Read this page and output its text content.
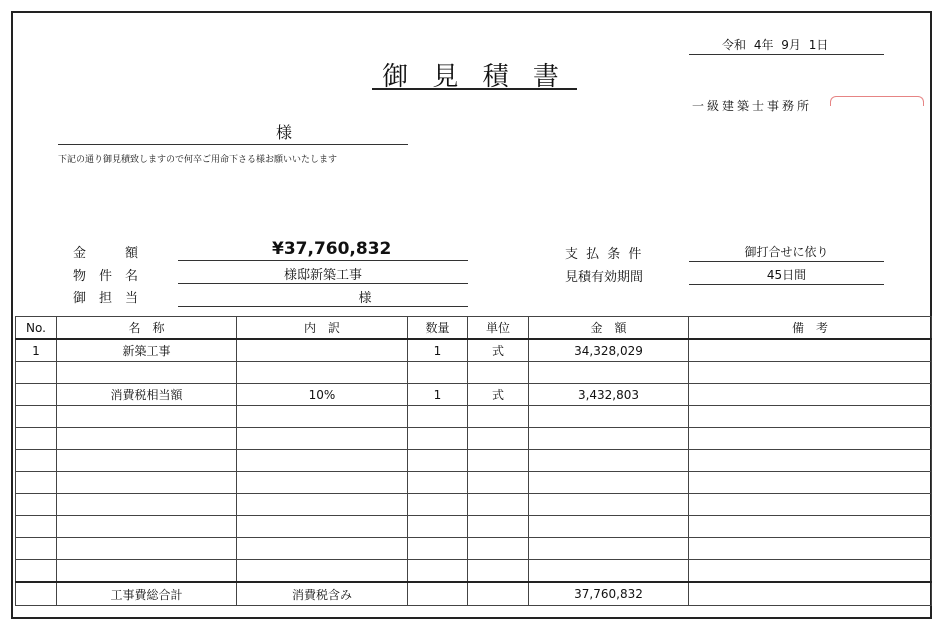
御 見 積 書
令和 4年 9月 1日
一級建築士事務所
様
下記の通り御見積致しますので何卒ご用命下さる様お願いいたします
金　　　額	¥37,760,832
物　件　名	様邸新築工事
御　担　当	様
支 払 条 件	御打合せに依り
見積有効期間	45日間
No.	名　称	内　訳	数量	単位	金　額	備　考
1	新築工事		1	式	34,328,029	

	消費税相当額	10%	1	式	3,432,803	

	工事費総合計	消費税含み			37,760,832	
